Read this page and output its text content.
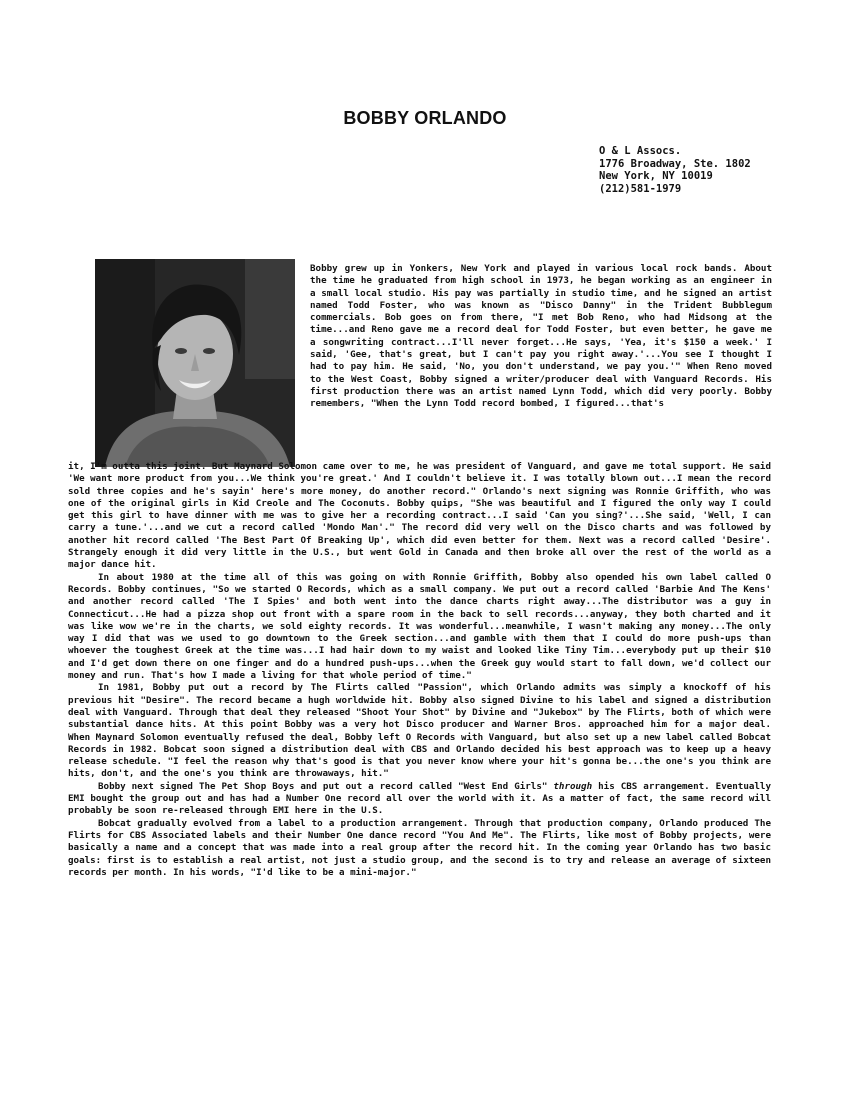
BOBBY ORLANDO
O & L Assocs.
1776 Broadway, Ste. 1802
New York, NY 10019
(212)581-1979

Bobby grew up in Yonkers, New York and played in various local rock bands. About the time he graduated from high school in 1973, he began working as an engineer in a small local studio. His pay was partially in studio time, and he signed an artist named Todd Foster, who was known as "Disco Danny" in the Trident Bubblegum commercials. Bob goes on from there, "I met Bob Reno, who had Midsong at the time...and Reno gave me a record deal for Todd Foster, but even better, he gave me a songwriting contract...I'll never forget...He says, 'Yea, it's $150 a week.' I said, 'Gee, that's great, but I can't pay you right away.'...You see I thought I had to pay him. He said, 'No, you don't understand, we pay you.'" When Reno moved to the West Coast, Bobby signed a writer/producer deal with Vanguard Records. His first production there was an artist named Lynn Todd, which did very poorly. Bobby remembers, "When the Lynn Todd record bombed, I figured...that's

it, I'm outta this joint. But Maynard Solomon came over to me, he was president of Vanguard, and gave me total support. He said 'We want more product from you...We think you're great.' And I couldn't believe it. I was totally blown out...I mean the record sold three copies and he's sayin' here's more money, do another record." Orlando's next signing was Ronnie Griffith, who was one of the original girls in Kid Creole and The Coconuts. Bobby quips, "She was beautiful and I figured the only way I could get this girl to have dinner with me was to give her a recording contract...I said 'Can you sing?'...She said, 'Well, I can carry a tune.'...and we cut a record called 'Mondo Man'." The record did very well on the Disco charts and was followed by another hit record called 'The Best Part Of Breaking Up', which did even better for them. Next was a record called 'Desire'. Strangely enough it did very little in the U.S., but went Gold in Canada and then broke all over the rest of the world as a major dance hit.

In about 1980 at the time all of this was going on with Ronnie Griffith, Bobby also opended his own label called O Records. Bobby continues, "So we started O Records, which as a small company. We put out a record called 'Barbie And The Kens' and another record called 'The I Spies' and both went into the dance charts right away...The distributor was a guy in Connecticut...He had a pizza shop out front with a spare room in the back to sell records...anyway, they both charted and it was like wow we're in the charts, we sold eighty records. It was wonderful...meanwhile, I wasn't making any money...The only way I did that was we used to go downtown to the Greek section...and gamble with them that I could do more push-ups than whoever the toughest Greek at the time was...I had hair down to my waist and looked like Tiny Tim...everybody put up their $10 and I'd get down there on one finger and do a hundred push-ups...when the Greek guy would start to fall down, we'd collect our money and run. That's how I made a living for that whole period of time."

In 1981, Bobby put out a record by The Flirts called "Passion", which Orlando admits was simply a knockoff of his previous hit "Desire". The record became a hugh worldwide hit. Bobby also signed Divine to his label and signed a distribution deal with Vanguard. Through that deal they released "Shoot Your Shot" by Divine and "Jukebox" by The Flirts, both of which were substantial dance hits. At this point Bobby was a very hot Disco producer and Warner Bros. approached him for a major deal. When Maynard Solomon eventually refused the deal, Bobby left O Records with Vanguard, but also set up a new label called Bobcat Records in 1982. Bobcat soon signed a distribution deal with CBS and Orlando decided his best approach was to keep up a heavy release schedule. "I feel the reason why that's good is that you never know where your hit's gonna be...the one's you think are hits, don't, and the one's you think are throwaways, hit."

Bobby next signed The Pet Shop Boys and put out a record called "West End Girls" through his CBS arrangement. Eventually EMI bought the group out and has had a Number One record all over the world with it. As a matter of fact, the same record will probably be soon re-released through EMI here in the U.S.

Bobcat gradually evolved from a label to a production arrangement. Through that production company, Orlando produced The Flirts for CBS Associated labels and their Number One dance record "You And Me". The Flirts, like most of Bobby projects, were basically a name and a concept that was made into a real group after the record hit. In the coming year Orlando has two basic goals: first is to establish a real artist, not just a studio group, and the second is to try and release an average of sixteen records per month. In his words, "I'd like to be a mini-major."
